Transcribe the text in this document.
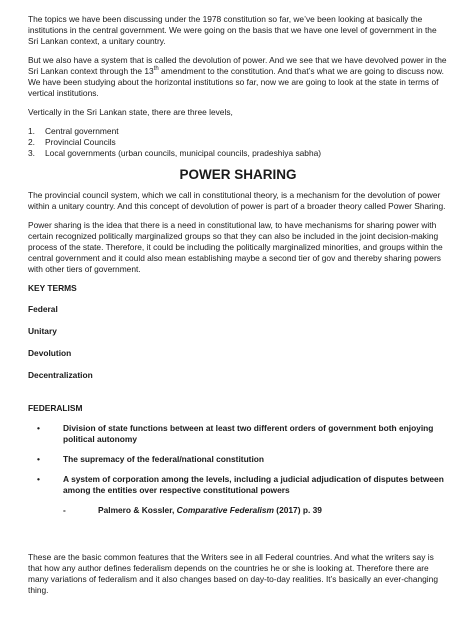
The topics we have been discussing under the 1978 constitution so far, we’ve been looking at basically the institutions in the central government. We were going on the basis that we have one level of government in the Sri Lankan context, a unitary country.

But we also have a system that is called the devolution of power. And we see that we have devolved power in the Sri Lankan context through the 13th amendment to the constitution. And that’s what we are going to discuss now. We have been studying about the horizontal institutions so far, now we are going to look at the state in terms of vertical institutions.

Vertically in the Sri Lankan state, there are three levels,

1.	Central government
2.	Provincial Councils
3.	Local governments (urban councils, municipal councils, pradeshiya sabha)
POWER SHARING

The provincial council system, which we call in constitutional theory, is a mechanism for the devolution of power within a unitary country. And this concept of devolution of power is part of a broader theory called Power Sharing.

Power sharing is the idea that there is a need in constitutional law, to have mechanisms for sharing power with certain recognized politically marginalized groups so that they can also be included in the joint decision-making process of the state. Therefore, it could be including the politically marginalized minorities, and groups within the central government and it could also mean establishing maybe a second tier of gov and thereby sharing powers with other tiers of government.

KEY TERMS
Federal
Unitary
Devolution
Decentralization
FEDERALISM
•	Division of state functions between at least two different orders of government both enjoying political autonomy
•	The supremacy of the federal/national constitution
•	A system of corporation among the levels, including a judicial adjudication of disputes between among the entities over respective constitutional powers
-	Palmero & Kossler, Comparative Federalism (2017) p. 39

These are the basic common features that the Writers see in all Federal countries. And what the writers say is that how any author defines federalism depends on the countries he or she is looking at. Therefore there are many variations of federalism and it also changes based on day-to-day realities. It’s basically an ever-changing thing.
